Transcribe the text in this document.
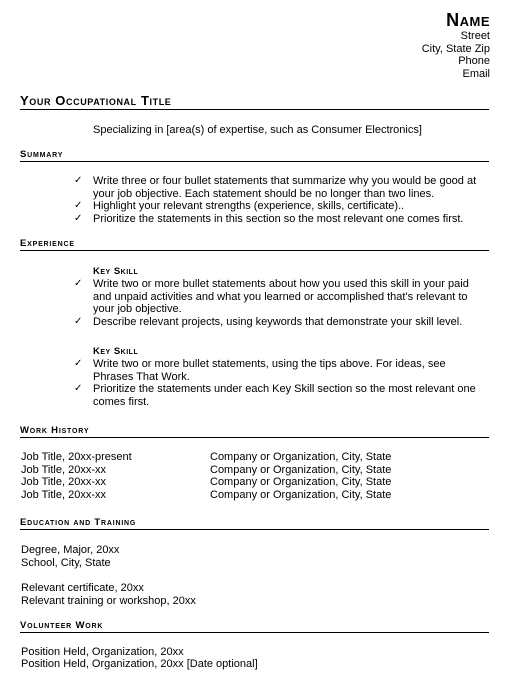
Name
Street
City, State Zip
Phone
Email
Your Occupational Title
Specializing in [area(s) of expertise, such as Consumer Electronics]
Summary
✓ Write three or four bullet statements that summarize why you would be good at your job objective. Each statement should be no longer than two lines.
✓ Highlight your relevant strengths (experience, skills, certificate)..
✓ Prioritize the statements in this section so the most relevant one comes first.
Experience
Key Skill
✓ Write two or more bullet statements about how you used this skill in your paid and unpaid activities and what you learned or accomplished that's relevant to your job objective.
✓ Describe relevant projects, using keywords that demonstrate your skill level.
Key Skill
✓ Write two or more bullet statements, using the tips above. For ideas, see Phrases That Work.
✓ Prioritize the statements under each Key Skill section so the most relevant one comes first.
Work History
Job Title, 20xx-present	Company or Organization, City, State
Job Title, 20xx-xx	Company or Organization, City, State
Job Title, 20xx-xx	Company or Organization, City, State
Job Title, 20xx-xx	Company or Organization, City, State
Education and Training
Degree, Major, 20xx
School, City, State
Relevant certificate, 20xx
Relevant training or workshop, 20xx
Volunteer Work
Position Held, Organization, 20xx
Position Held, Organization, 20xx [Date optional]
